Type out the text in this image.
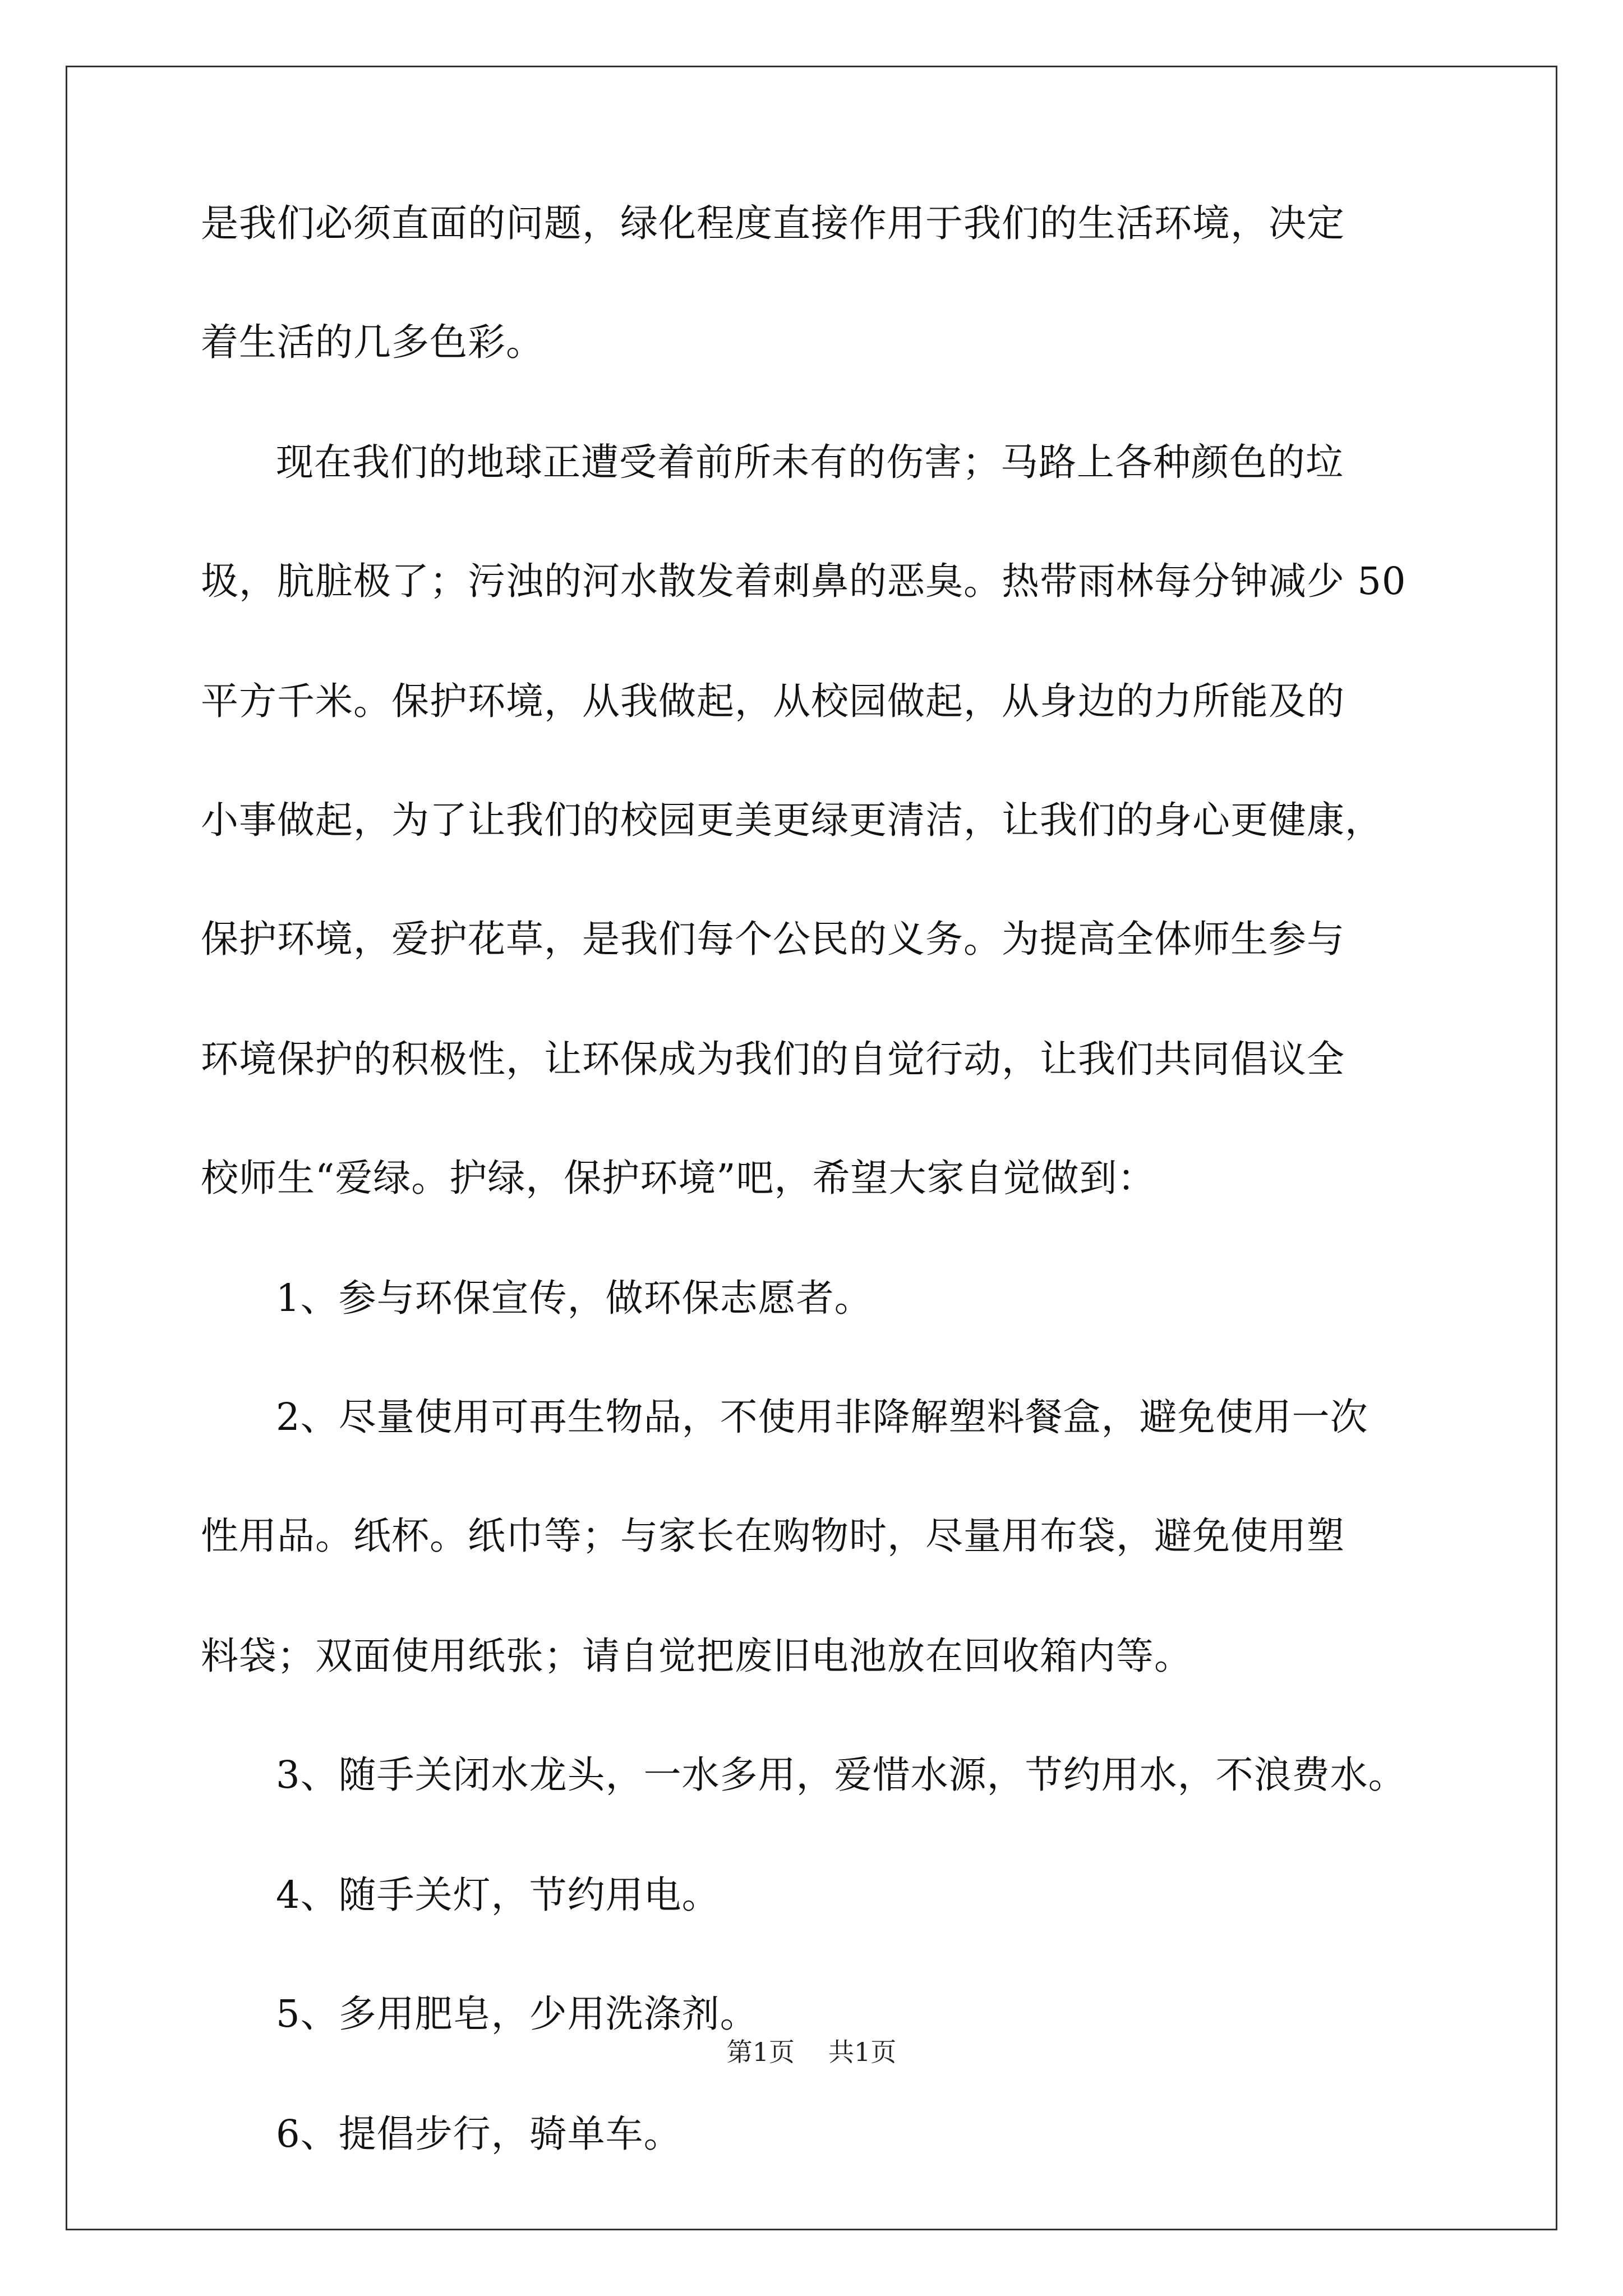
是我们必须直面的问题，绿化程度直接作用于我们的生活环境，决定
着生活的几多色彩。
现在我们的地球正遭受着前所未有的伤害；马路上各种颜色的垃
圾，肮脏极了；污浊的河水散发着刺鼻的恶臭。热带雨林每分钟减少 50
平方千米。保护环境，从我做起，从校园做起，从身边的力所能及的
小事做起，为了让我们的校园更美更绿更清洁，让我们的身心更健康，
保护环境，爱护花草，是我们每个公民的义务。为提高全体师生参与
环境保护的积极性，让环保成为我们的自觉行动，让我们共同倡议全
校师生“爱绿。护绿，保护环境”吧，希望大家自觉做到：
1、参与环保宣传，做环保志愿者。
2、尽量使用可再生物品，不使用非降解塑料餐盒，避免使用一次
性用品。纸杯。纸巾等；与家长在购物时，尽量用布袋，避免使用塑
料袋；双面使用纸张；请自觉把废旧电池放在回收箱内等。
3、随手关闭水龙头，一水多用，爱惜水源，节约用水，不浪费水。
4、随手关灯，节约用电。
5、多用肥皂，少用洗涤剂。
6、提倡步行，骑单车。
第1页 共1页
